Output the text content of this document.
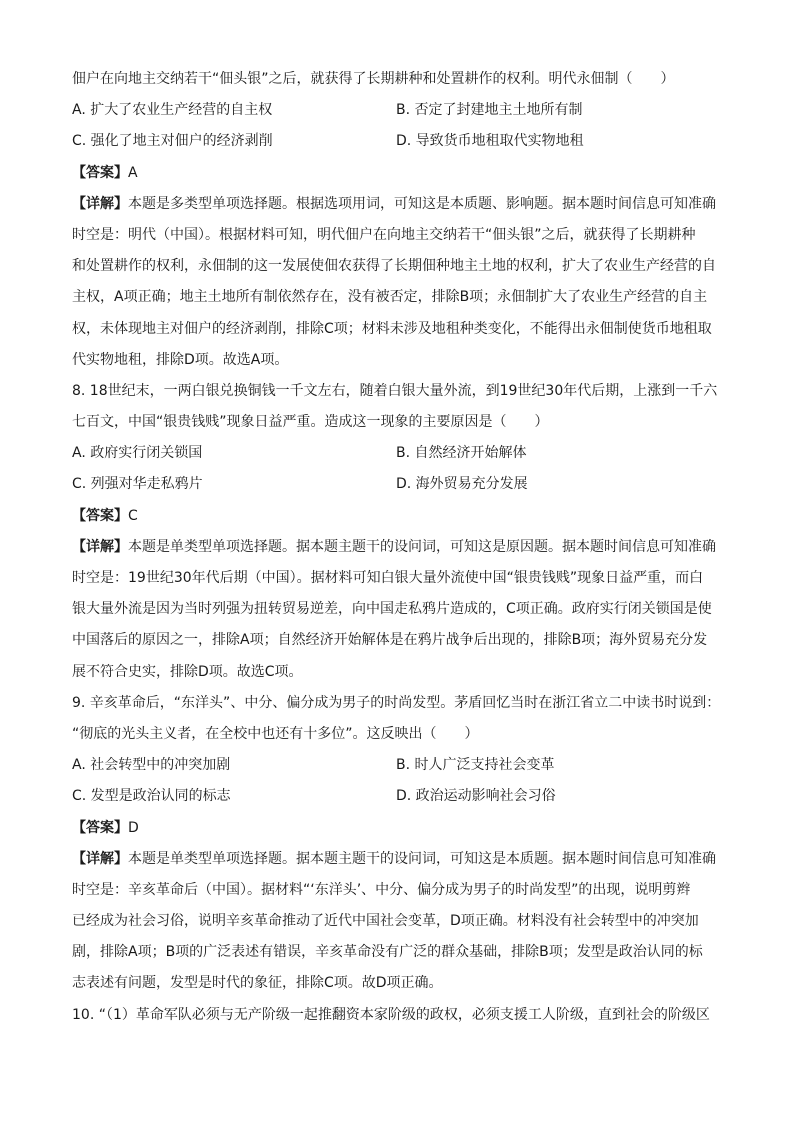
佃户在向地主交纳若干“佃头银”之后，就获得了长期耕种和处置耕作的权利。明代永佃制（　　）
A. 扩大了农业生产经营的自主权	B. 否定了封建地主土地所有制
C. 强化了地主对佃户的经济剥削	D. 导致货币地租取代实物地租
【答案】A
【详解】本题是多类型单项选择题。根据选项用词，可知这是本质题、影响题。据本题时间信息可知准确
时空是：明代（中国）。根据材料可知，明代佃户在向地主交纳若干“佃头银”之后，就获得了长期耕种
和处置耕作的权利，永佃制的这一发展使佃农获得了长期佃种地主土地的权利，扩大了农业生产经营的自
主权，A项正确；地主土地所有制依然存在，没有被否定，排除B项；永佃制扩大了农业生产经营的自主
权，未体现地主对佃户的经济剥削，排除C项；材料未涉及地租种类变化，不能得出永佃制使货币地租取
代实物地租，排除D项。故选A项。
8. 18世纪末，一两白银兑换铜钱一千文左右，随着白银大量外流，到19世纪30年代后期，上涨到一千六
七百文，中国“银贵钱贱”现象日益严重。造成这一现象的主要原因是（　　）
A. 政府实行闭关锁国	B. 自然经济开始解体
C. 列强对华走私鸦片	D. 海外贸易充分发展
【答案】C
【详解】本题是单类型单项选择题。据本题主题干的设问词，可知这是原因题。据本题时间信息可知准确
时空是：19世纪30年代后期（中国）。据材料可知白银大量外流使中国“银贵钱贱”现象日益严重，而白
银大量外流是因为当时列强为扭转贸易逆差，向中国走私鸦片造成的，C项正确。政府实行闭关锁国是使
中国落后的原因之一，排除A项；自然经济开始解体是在鸦片战争后出现的，排除B项；海外贸易充分发
展不符合史实，排除D项。故选C项。
9. 辛亥革命后，“东洋头”、中分、偏分成为男子的时尚发型。茅盾回忆当时在浙江省立二中读书时说到：
“彻底的光头主义者，在全校中也还有十多位”。这反映出（　　）
A. 社会转型中的冲突加剧	B. 时人广泛支持社会变革
C. 发型是政治认同的标志	D. 政治运动影响社会习俗
【答案】D
【详解】本题是单类型单项选择题。据本题主题干的设问词，可知这是本质题。据本题时间信息可知准确
时空是：辛亥革命后（中国）。据材料“‘东洋头’、中分、偏分成为男子的时尚发型”的出现，说明剪辫
已经成为社会习俗，说明辛亥革命推动了近代中国社会变革，D项正确。材料没有社会转型中的冲突加
剧，排除A项；B项的广泛表述有错误，辛亥革命没有广泛的群众基础，排除B项；发型是政治认同的标
志表述有问题，发型是时代的象征，排除C项。故D项正确。
10. “（1）革命军队必须与无产阶级一起推翻资本家阶级的政权，必须支援工人阶级，直到社会的阶级区
